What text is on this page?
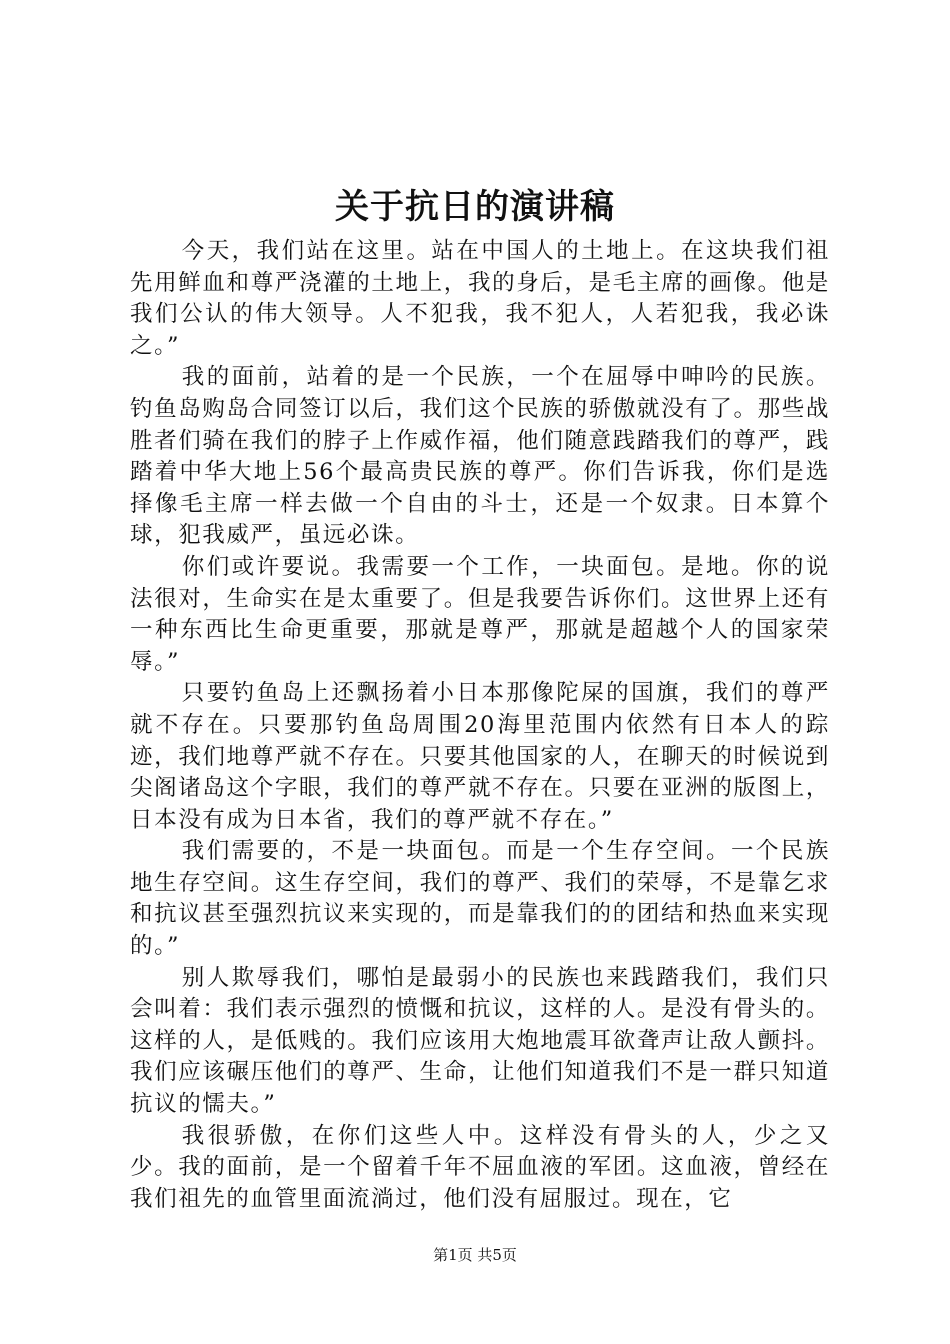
关于抗日的演讲稿

今天，我们站在这里。站在中国人的土地上。在这块我们祖先用鲜血和尊严浇灌的土地上，我的身后，是毛主席的画像。他是我们公认的伟大领导。人不犯我，我不犯人，人若犯我，我必诛之。”

我的面前，站着的是一个民族，一个在屈辱中呻吟的民族。钓鱼岛购岛合同签订以后，我们这个民族的骄傲就没有了。那些战胜者们骑在我们的脖子上作威作福，他们随意践踏我们的尊严，践踏着中华大地上56个最高贵民族的尊严。你们告诉我，你们是选择像毛主席一样去做一个自由的斗士，还是一个奴隶。日本算个球，犯我威严，虽远必诛。

你们或许要说。我需要一个工作，一块面包。是地。你的说法很对，生命实在是太重要了。但是我要告诉你们。这世界上还有一种东西比生命更重要，那就是尊严，那就是超越个人的国家荣辱。”

只要钓鱼岛上还飘扬着小日本那像陀屎的国旗，我们的尊严就不存在。只要那钓鱼岛周围20海里范围内依然有日本人的踪迹，我们地尊严就不存在。只要其他国家的人，在聊天的时候说到尖阁诸岛这个字眼，我们的尊严就不存在。只要在亚洲的版图上，日本没有成为日本省，我们的尊严就不存在。”

我们需要的，不是一块面包。而是一个生存空间。一个民族地生存空间。这生存空间，我们的尊严、我们的荣辱，不是靠乞求和抗议甚至强烈抗议来实现的，而是靠我们的的团结和热血来实现的。”

别人欺辱我们，哪怕是最弱小的民族也来践踏我们，我们只会叫着：我们表示强烈的愤慨和抗议，这样的人。是没有骨头的。这样的人，是低贱的。我们应该用大炮地震耳欲聋声让敌人颤抖。我们应该碾压他们的尊严、生命，让他们知道我们不是一群只知道抗议的懦夫。”

我很骄傲，在你们这些人中。这样没有骨头的人，少之又少。我的面前，是一个留着千年不屈血液的军团。这血液，曾经在我们祖先的血管里面流淌过，他们没有屈服过。现在，它

第1页 共5页
